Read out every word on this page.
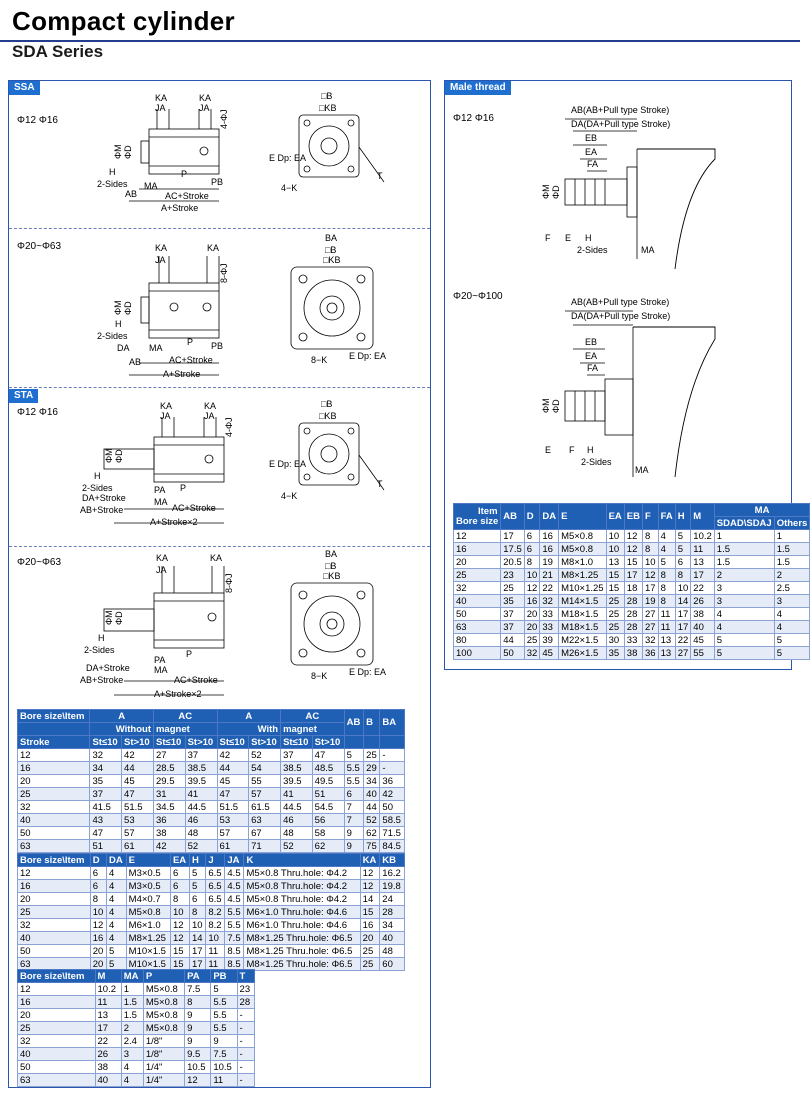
Compact cylinder
SDA Series
SSA
STA
Φ12 Φ16
Φ20~Φ63
Φ12 Φ16
Φ20~Φ63
KA
JA
KA
JA
4-ΦJ
ΦM ΦD
H
2-Sides
AB
MA
P
PB
AC+Stroke
A+Stroke
□B
□KB
E Dp: EA
4−K
T
KA
JA
KA
8-ΦJ
ΦM ΦD
H
2-Sides
DA MA
P PB
AB	AC+Stroke
A+Stroke
BA
□B
□KB
8−K E Dp: EA
KA
JA
KA
JA
4-ΦJ
ΦM ΦD
H
2-Sides
DA+Stroke
AB+Stroke
PA
MA
P
AC+Stroke
A+Stroke×2
□B
□KB
E Dp: EA
4−K
T
KA
JA
KA
8-ΦJ
ΦM ΦD
H
2-Sides
DA+Stroke
AB+Stroke
PA
MA
P
AC+Stroke
A+Stroke×2
BA
□B
□KB
8−K E Dp: EA
Bore size\Item	A		AC		A		AC		AB	B	BA
	Without		magnet		With		magnet				
Stroke	St≤10	St>10	St≤10	St>10	St≤10	St>10	St≤10	St>10			
12	32	42	27	37	42	52	37	47	5	25	-
16	34	44	28.5	38.5	44	54	38.5	48.5	5.5	29	-
20	35	45	29.5	39.5	45	55	39.5	49.5	5.5	34	36
25	37	47	31	41	47	57	41	51	6	40	42
32	41.5	51.5	34.5	44.5	51.5	61.5	44.5	54.5	7	44	50
40	43	53	36	46	53	63	46	56	7	52	58.5
50	47	57	38	48	57	67	48	58	9	62	71.5
63	51	61	42	52	61	71	52	62	9	75	84.5
Bore size\Item	D	DA	E	EA	H	J	JA	K	KA	KB
12	6	4	M3×0.5	6	5	6.5	4.5	M5×0.8 Thru.hole: Φ4.2	12	16.2
16	6	4	M3×0.5	6	5	6.5	4.5	M5×0.8 Thru.hole: Φ4.2	12	19.8
20	8	4	M4×0.7	8	6	6.5	4.5	M5×0.8 Thru.hole: Φ4.2	14	24
25	10	4	M5×0.8	10	8	8.2	5.5	M6×1.0 Thru.hole: Φ4.6	15	28
32	12	4	M6×1.0	12	10	8.2	5.5	M6×1.0 Thru.hole: Φ4.6	16	34
40	16	4	M8×1.25	12	14	10	7.5	M8×1.25 Thru.hole: Φ6.5	20	40
50	20	5	M10×1.5	15	17	11	8.5	M8×1.25 Thru.hole: Φ6.5	25	48
63	20	5	M10×1.5	15	17	11	8.5	M8×1.25 Thru.hole: Φ6.5	25	60
Bore size\Item	M	MA	P	PA	PB	T
12	10.2	1	M5×0.8	7.5	5	23
16	11	1.5	M5×0.8	8	5.5	28
20	13	1.5	M5×0.8	9	5.5	-
25	17	2	M5×0.8	9	5.5	-
32	22	2.4	1/8"	9	9	-
40	26	3	1/8"	9.5	7.5	-
50	38	4	1/4"	10.5	10.5	-
63	40	4	1/4"	12	11	-
Male thread
Φ12 Φ16
Φ20~Φ100
AB(AB+Pull type Stroke)
DA(DA+Pull type Stroke)
EB
EA
FA
ΦM ΦD
F E H
2-Sides	MA
AB(AB+Pull type Stroke)
DA(DA+Pull type Stroke)
EB
EA
FA
ΦM ΦD
E F H
2-Sides
MA
Item
Bore size	AB	D	DA	E	EA	EB	F	FA	H	M	MA	
											SDAD\SDAJ	Others
12	17	6	16	M5×0.8	10	12	8	4	5	10.2	1	1
16	17.5	6	16	M5×0.8	10	12	8	4	5	11	1.5	1.5
20	20.5	8	19	M8×1.0	13	15	10	5	6	13	1.5	1.5
25	23	10	21	M8×1.25	15	17	12	8	8	17	2	2
32	25	12	22	M10×1.25	15	18	17	8	10	22	3	2.5
40	35	16	32	M14×1.5	25	28	19	8	14	26	3	3
50	37	20	33	M18×1.5	25	28	27	11	17	38	4	4
63	37	20	33	M18×1.5	25	28	27	11	17	40	4	4
80	44	25	39	M22×1.5	30	33	32	13	22	45	5	5
100	50	32	45	M26×1.5	35	38	36	13	27	55	5	5
